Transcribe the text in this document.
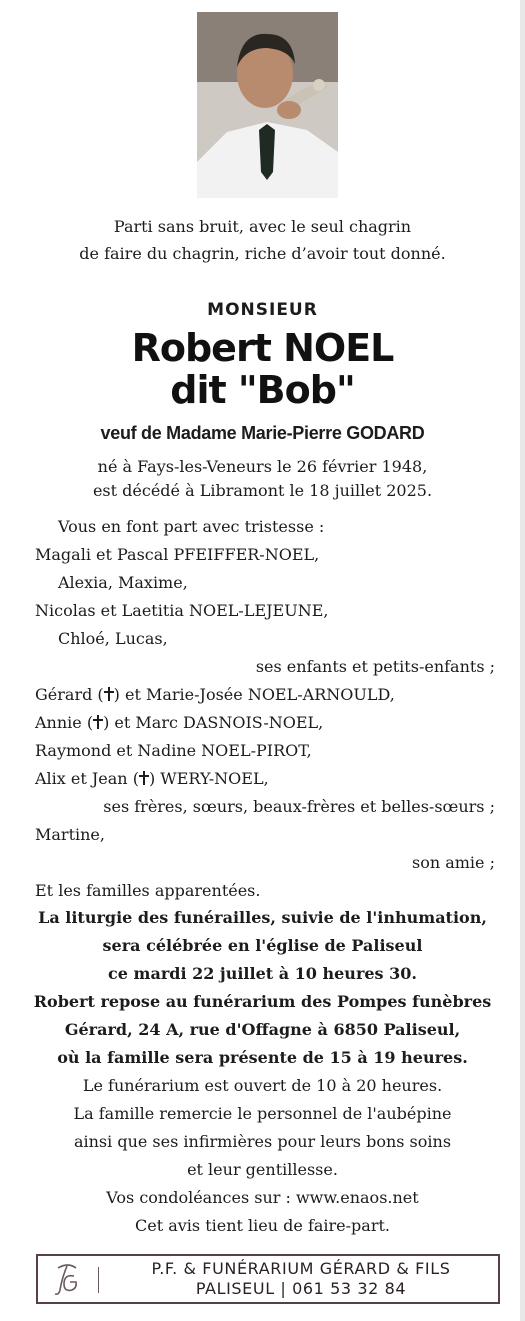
Parti sans bruit, avec le seul chagrin
de faire du chagrin, riche d’avoir tout donné.
MONSIEUR
Robert NOEL
dit "Bob"
veuf de Madame Marie-Pierre GODARD
né à Fays-les-Veneurs le 26 février 1948,
est décédé à Libramont le 18 juillet 2025.
Vous en font part avec tristesse :
Magali et Pascal PFEIFFER-NOEL,
Alexia, Maxime,
Nicolas et Laetitia NOEL-LEJEUNE,
Chloé, Lucas,
ses enfants et petits-enfants ;
Gérard ( ) et Marie-Josée NOEL-ARNOULD,
Annie ( ) et Marc DASNOIS-NOEL,
Raymond et Nadine NOEL-PIROT,
Alix et Jean ( ) WERY-NOEL,
ses frères, sœurs, beaux-frères et belles-sœurs ;
Martine,
son amie ;
Et les familles apparentées.
La liturgie des funérailles, suivie de l'inhumation,
sera célébrée en l'église de Paliseul
ce mardi 22 juillet à 10 heures 30.
Robert repose au funérarium des Pompes funèbres
Gérard, 24 A, rue d'Offagne à 6850 Paliseul,
où la famille sera présente de 15 à 19 heures.
Le funérarium est ouvert de 10 à 20 heures.
La famille remercie le personnel de l'aubépine
ainsi que ses infirmières pour leurs bons soins
et leur gentillesse.
Vos condoléances sur : www.enaos.net
Cet avis tient lieu de faire-part.
P.F. & FUNÉRARIUM GÉRARD & FILS
PALISEUL | 061 53 32 84
